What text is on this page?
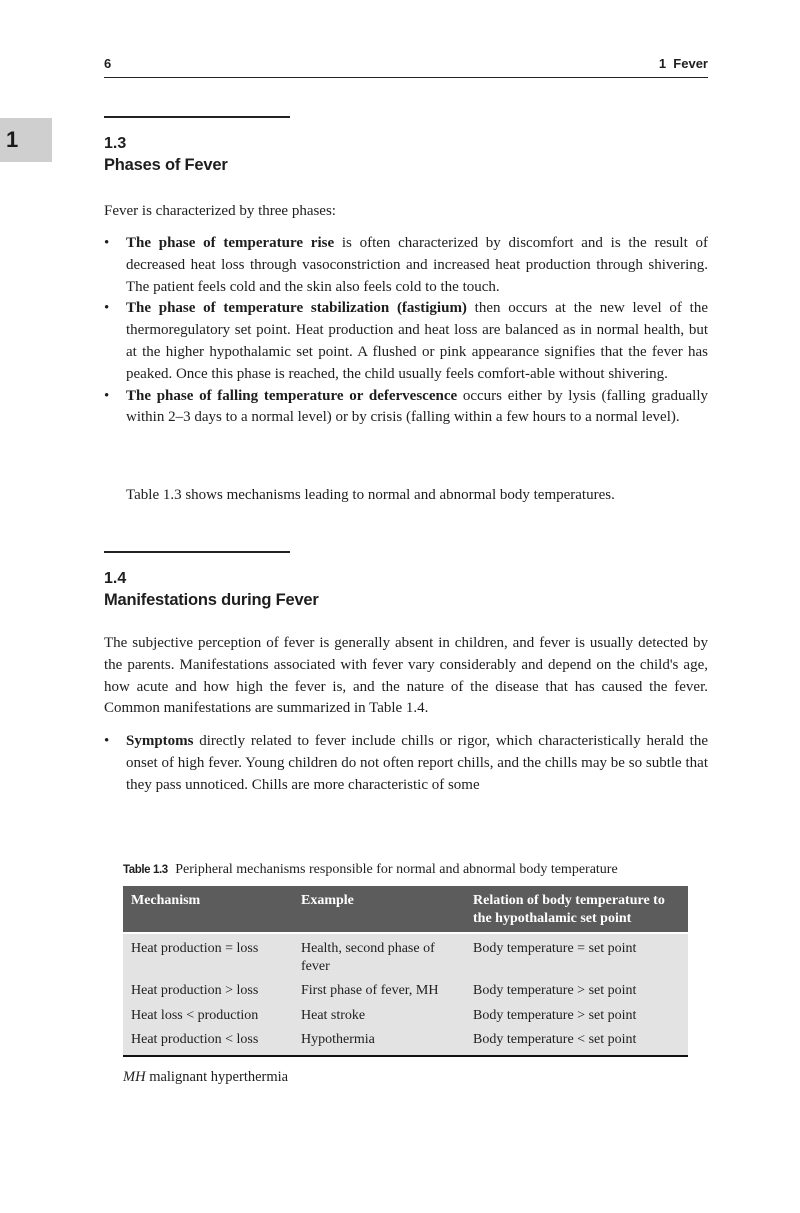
6	1  Fever
1	1.3
Phases of Fever

Fever is characterized by three phases:

• The phase of temperature rise is often characterized by discomfort and is the result of decreased heat loss through vasoconstriction and increased heat production through shivering. The patient feels cold and the skin also feels cold to the touch.
• The phase of temperature stabilization (fastigium) then occurs at the new level of the thermoregulatory set point. Heat production and heat loss are balanced as in normal health, but at the higher hypothalamic set point. A flushed or pink appearance signifies that the fever has peaked. Once this phase is reached, the child usually feels comfort-able without shivering.
• The phase of falling temperature or defervescence occurs either by lysis (falling gradually within 2–3 days to a normal level) or by crisis (falling within a few hours to a normal level).

Table 1.3 shows mechanisms leading to normal and abnormal body temperatures.

1.4
Manifestations during Fever

The subjective perception of fever is generally absent in children, and fever is usually detected by the parents. Manifestations associated with fever vary considerably and depend on the child's age, how acute and how high the fever is, and the nature of the disease that has caused the fever. Common manifestations are summarized in Table 1.4.

• Symptoms directly related to fever include chills or rigor, which characteristically herald the onset of high fever. Young children do not often report chills, and the chills may be so subtle that they pass unnoticed. Chills are more characteristic of some
Table 1.3 Peripheral mechanisms responsible for normal and abnormal body temperature
Mechanism	Example	Relation of body temperature to the hypothalamic set point
Heat production = loss	Health, second phase of fever	Body temperature = set point
Heat production > loss	First phase of fever, MH	Body temperature > set point
Heat loss < production	Heat stroke	Body temperature > set point
Heat production < loss	Hypothermia	Body temperature < set point
MH malignant hyperthermia
